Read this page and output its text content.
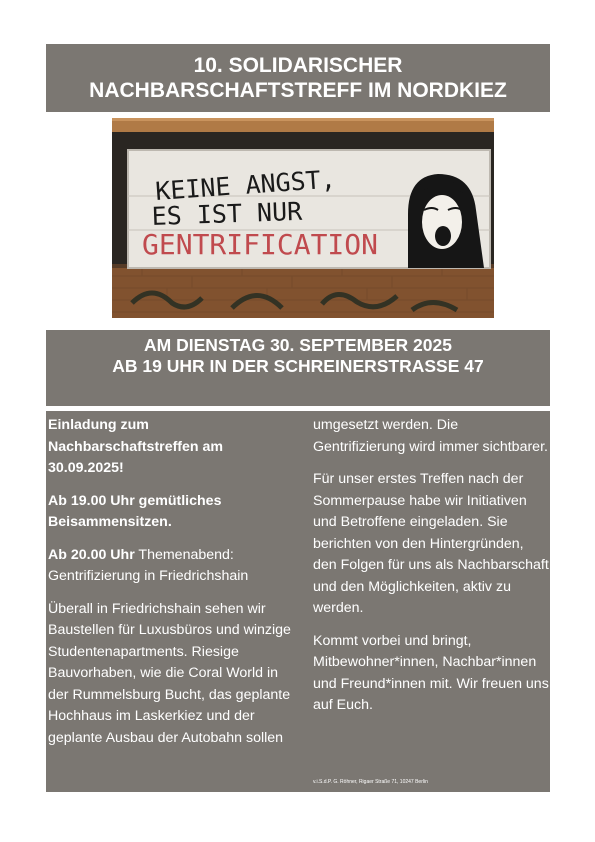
10. SOLIDARISCHER
NACHBARSCHAFTSTREFF IM NORDKIEZ
KEINE ANGST,
ES IST NUR
GENTRIFICATION
AM DIENSTAG 30. SEPTEMBER 2025
AB 19 UHR IN DER SCHREINERSTRASSE 47

Einladung zum Nachbarschaftstreffen am 30.09.2025!

Ab 19.00 Uhr gemütliches Beisammensitzen.

Ab 20.00 Uhr Themenabend: Gentrifizierung in Friedrichshain

Überall in Friedrichshain sehen wir Baustellen für Luxusbüros und winzige Studentenapartments. Riesige Bauvorhaben, wie die Coral World in der Rummelsburg Bucht, das geplante Hochhaus im Laskerkiez und der geplante Ausbau der Autobahn sollen

umgesetzt werden. Die Gentrifizierung wird immer sichtbarer.

Für unser erstes Treffen nach der Sommerpause habe wir Initiativen und Betroffene eingeladen. Sie berichten von den Hintergründen, den Folgen für uns als Nachbarschaft und den Möglichkeiten, aktiv zu werden.

Kommt vorbei und bringt, Mitbewohner*innen, Nachbar*innen und Freund*innen mit. Wir freuen uns auf Euch.

v.i.S.d.P. G. Röhner, Rigaer Straße 71, 10247 Berlin
